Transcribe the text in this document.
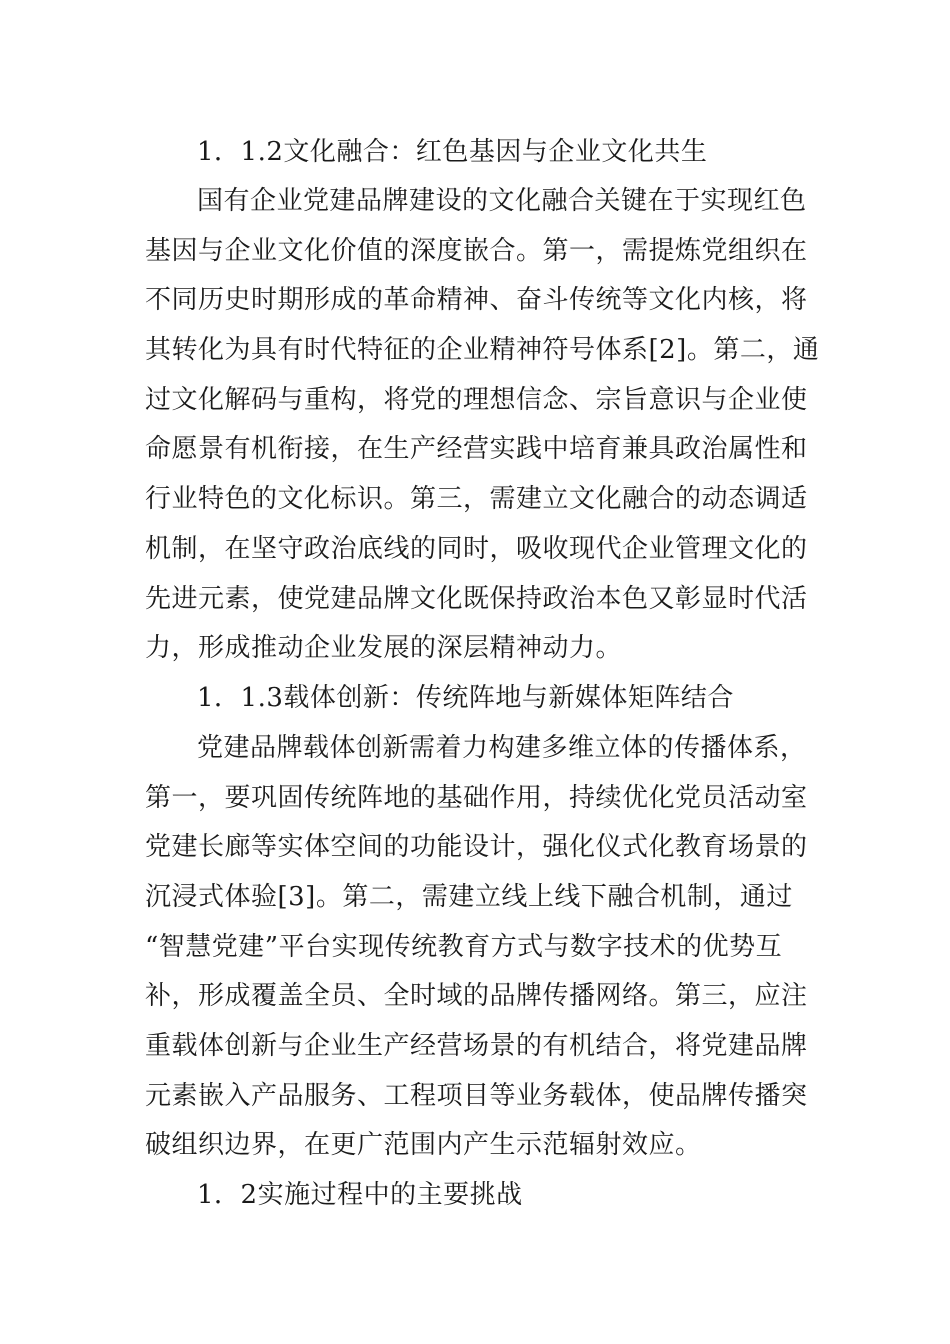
1．1.2文化融合：红色基因与企业文化共生
国有企业党建品牌建设的文化融合关键在于实现红色
基因与企业文化价值的深度嵌合。第一，需提炼党组织在
不同历史时期形成的革命精神、奋斗传统等文化内核，将
其转化为具有时代特征的企业精神符号体系[2]。第二，通
过文化解码与重构，将党的理想信念、宗旨意识与企业使
命愿景有机衔接，在生产经营实践中培育兼具政治属性和
行业特色的文化标识。第三，需建立文化融合的动态调适
机制，在坚守政治底线的同时，吸收现代企业管理文化的
先进元素，使党建品牌文化既保持政治本色又彰显时代活
力，形成推动企业发展的深层精神动力。
1．1.3载体创新：传统阵地与新媒体矩阵结合
党建品牌载体创新需着力构建多维立体的传播体系，
第一，要巩固传统阵地的基础作用，持续优化党员活动室
党建长廊等实体空间的功能设计，强化仪式化教育场景的
沉浸式体验[3]。第二，需建立线上线下融合机制，通过
“智慧党建”平台实现传统教育方式与数字技术的优势互
补，形成覆盖全员、全时域的品牌传播网络。第三，应注
重载体创新与企业生产经营场景的有机结合，将党建品牌
元素嵌入产品服务、工程项目等业务载体，使品牌传播突
破组织边界，在更广范围内产生示范辐射效应。
1．2实施过程中的主要挑战
